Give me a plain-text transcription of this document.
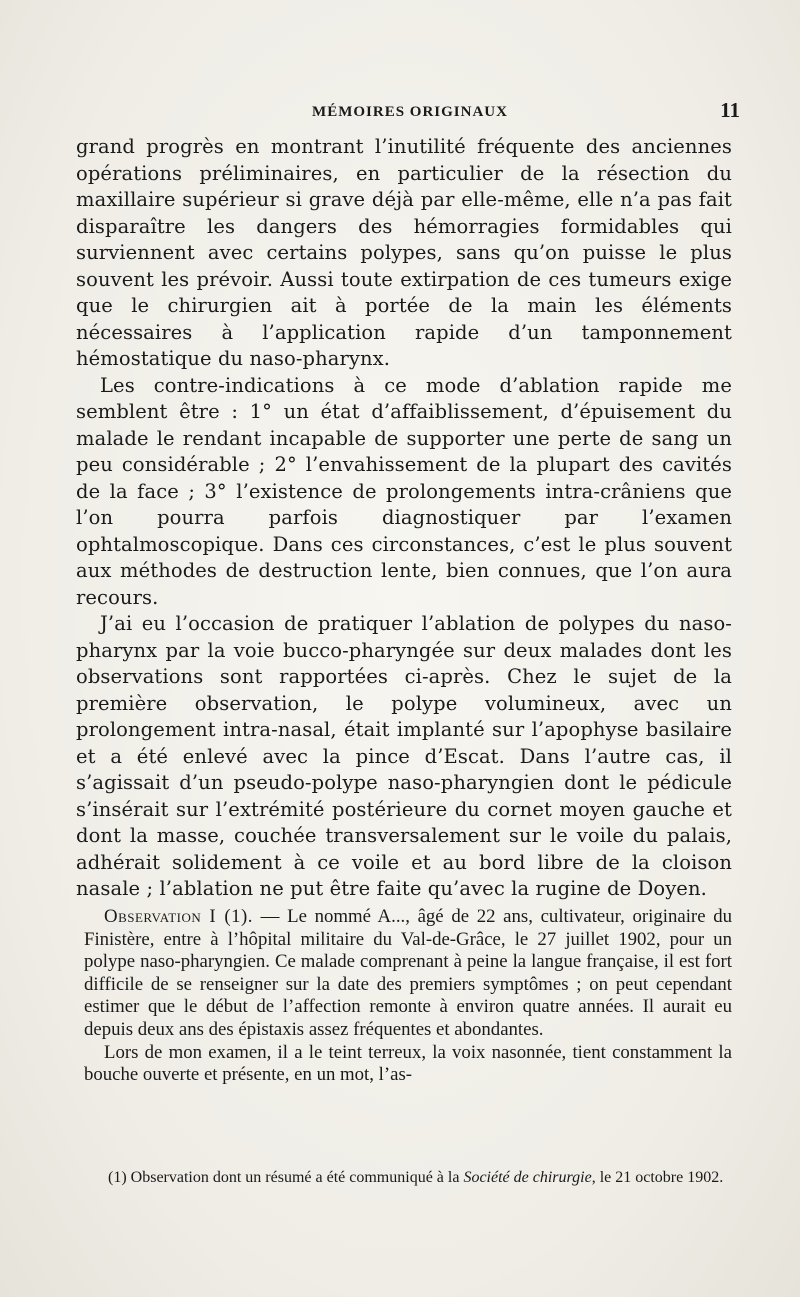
MÉMOIRES ORIGINAUX	11

grand progrès en montrant l’inutilité fréquente des anciennes opérations préliminaires, en particulier de la résection du maxillaire supérieur si grave déjà par elle-même, elle n’a pas fait disparaître les dangers des hémorragies formidables qui surviennent avec certains polypes, sans qu’on puisse le plus souvent les prévoir. Aussi toute extirpation de ces tumeurs exige que le chirurgien ait à portée de la main les éléments nécessaires à l’application rapide d’un tamponnement hémostatique du naso-pharynx.

Les contre-indications à ce mode d’ablation rapide me semblent être : 1° un état d’affaiblissement, d’épuisement du malade le rendant incapable de supporter une perte de sang un peu considérable ; 2° l’envahissement de la plupart des cavités de la face ; 3° l’existence de prolongements intra-crâniens que l’on pourra parfois diagnostiquer par l’examen ophtalmoscopique. Dans ces circonstances, c’est le plus souvent aux méthodes de destruction lente, bien connues, que l’on aura recours.

J’ai eu l’occasion de pratiquer l’ablation de polypes du naso-pharynx par la voie bucco-pharyngée sur deux malades dont les observations sont rapportées ci-après. Chez le sujet de la première observation, le polype volumineux, avec un prolongement intra-nasal, était implanté sur l’apophyse basilaire et a été enlevé avec la pince d’Escat. Dans l’autre cas, il s’agissait d’un pseudo-polype naso-pharyngien dont le pédicule s’insérait sur l’extrémité postérieure du cornet moyen gauche et dont la masse, couchée transversalement sur le voile du palais, adhérait solidement à ce voile et au bord libre de la cloison nasale ; l’ablation ne put être faite qu’avec la rugine de Doyen.

Observation I (1). — Le nommé A..., âgé de 22 ans, cultivateur, originaire du Finistère, entre à l’hôpital militaire du Val-de-Grâce, le 27 juillet 1902, pour un polype naso-pharyngien. Ce malade comprenant à peine la langue française, il est fort difficile de se renseigner sur la date des premiers symptômes ; on peut cependant estimer que le début de l’affection remonte à environ quatre années. Il aurait eu depuis deux ans des épistaxis assez fréquentes et abondantes.

Lors de mon examen, il a le teint terreux, la voix nasonnée, tient constamment la bouche ouverte et présente, en un mot, l’as-

(1) Observation dont un résumé a été communiqué à la Société de chirurgie, le 21 octobre 1902.
